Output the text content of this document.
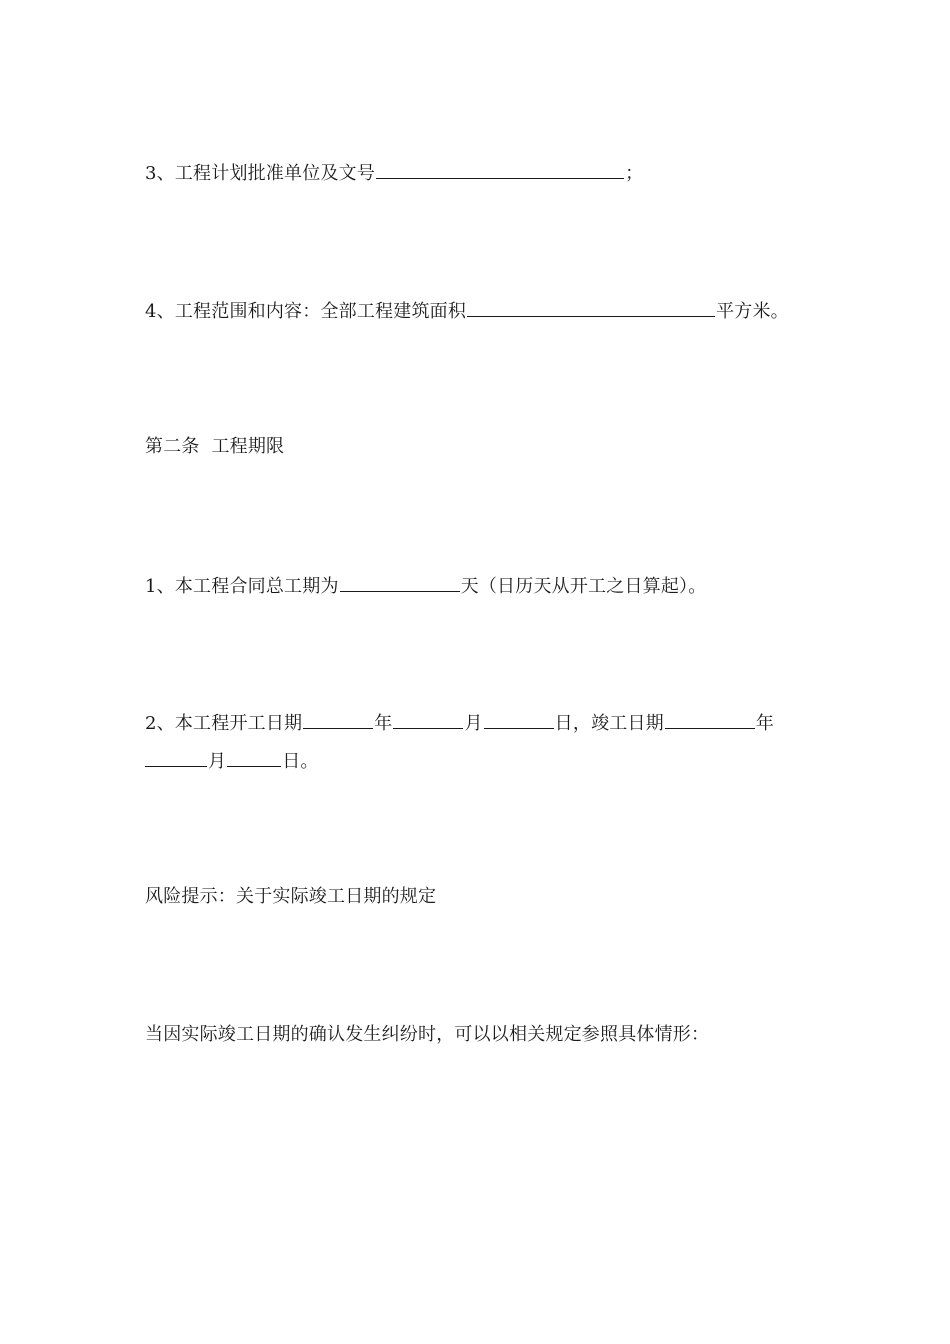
3、工程计划批准单位及文号	；
4、工程范围和内容：全部工程建筑面积	平方米。
第二条  工程期限
1、本工程合同总工期为	天（日历天从开工之日算起）。
2、本工程开工日期	年	月	日，竣工日期	年
月	日。
风险提示：关于实际竣工日期的规定
当因实际竣工日期的确认发生纠纷时，可以以相关规定参照具体情形：
